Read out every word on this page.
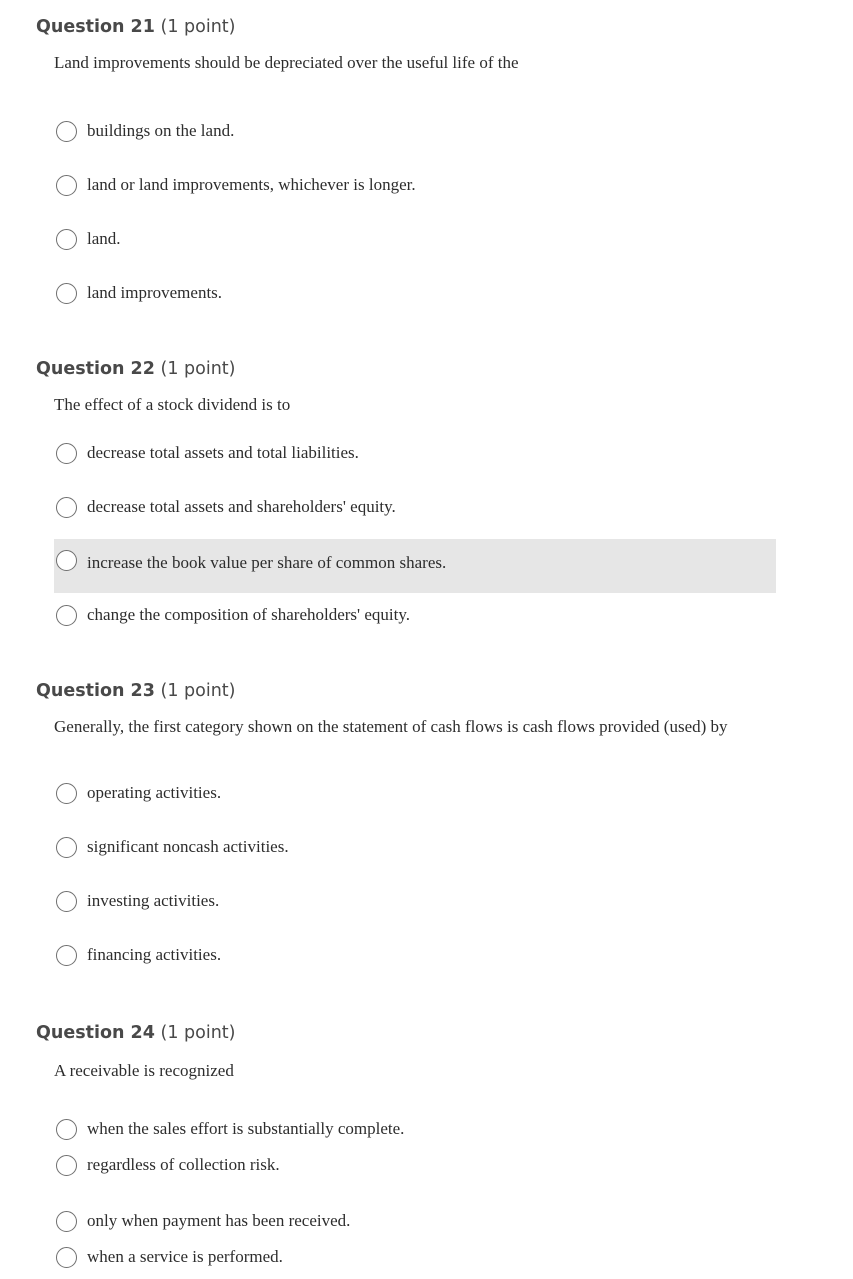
Question 21 (1 point)

Land improvements should be depreciated over the useful life of the

buildings on the land.
land or land improvements, whichever is longer.
land.
land improvements.
Question 22 (1 point)

The effect of a stock dividend is to

decrease total assets and total liabilities.
decrease total assets and shareholders' equity.
increase the book value per share of common shares.
change the composition of shareholders' equity.
Question 23 (1 point)

Generally, the first category shown on the statement of cash flows is cash flows provided (used) by

operating activities.
significant noncash activities.
investing activities.
financing activities.
Question 24 (1 point)

A receivable is recognized

when the sales effort is substantially complete.
regardless of collection risk.
only when payment has been received.
when a service is performed.
